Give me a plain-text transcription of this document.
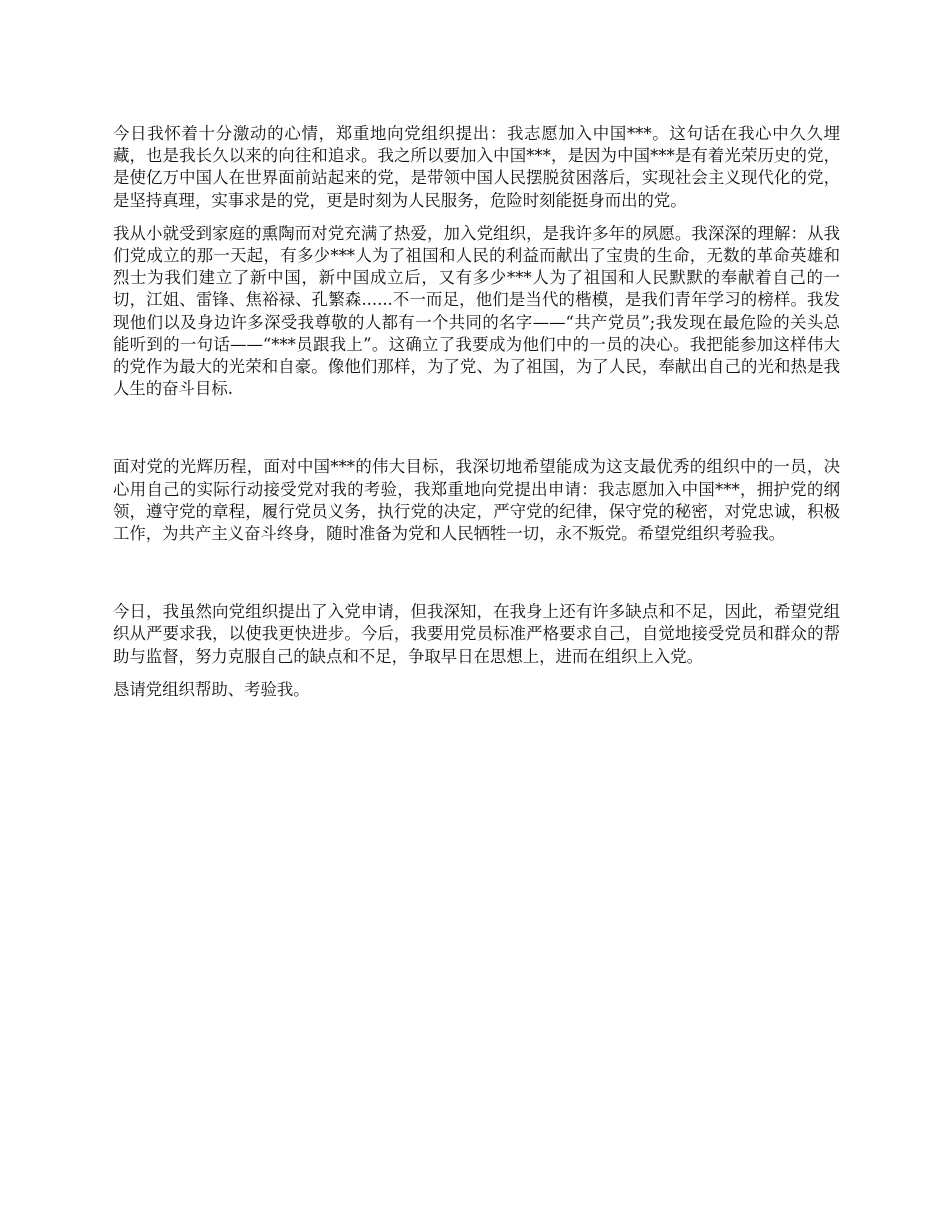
今日我怀着十分激动的心情，郑重地向党组织提出：我志愿加入中国***。这句话在我心中久久埋藏，也是我长久以来的向往和追求。我之所以要加入中国***，是因为中国***是有着光荣历史的党，是使亿万中国人在世界面前站起来的党，是带领中国人民摆脱贫困落后，实现社会主义现代化的党，是坚持真理，实事求是的党，更是时刻为人民服务，危险时刻能挺身而出的党。

我从小就受到家庭的熏陶而对党充满了热爱，加入党组织，是我许多年的夙愿。我深深的理解：从我们党成立的那一天起，有多少***人为了祖国和人民的利益而献出了宝贵的生命，无数的革命英雄和烈士为我们建立了新中国，新中国成立后，又有多少***人为了祖国和人民默默的奉献着自己的一切，江姐、雷锋、焦裕禄、孔繁森......不一而足，他们是当代的楷模，是我们青年学习的榜样。我发现他们以及身边许多深受我尊敬的人都有一个共同的名字——“共产党员”;我发现在最危险的关头总能听到的一句话——“***员跟我上”。这确立了我要成为他们中的一员的决心。我把能参加这样伟大的党作为最大的光荣和自豪。像他们那样，为了党、为了祖国，为了人民，奉献出自己的光和热是我人生的奋斗目标.

面对党的光辉历程，面对中国***的伟大目标，我深切地希望能成为这支最优秀的组织中的一员，决心用自己的实际行动接受党对我的考验，我郑重地向党提出申请：我志愿加入中国***，拥护党的纲领，遵守党的章程，履行党员义务，执行党的决定，严守党的纪律，保守党的秘密，对党忠诚，积极工作，为共产主义奋斗终身，随时准备为党和人民牺牲一切，永不叛党。希望党组织考验我。

今日，我虽然向党组织提出了入党申请，但我深知，在我身上还有许多缺点和不足，因此，希望党组织从严要求我，以使我更快进步。今后，我要用党员标准严格要求自己，自觉地接受党员和群众的帮助与监督，努力克服自己的缺点和不足，争取早日在思想上，进而在组织上入党。

恳请党组织帮助、考验我。
